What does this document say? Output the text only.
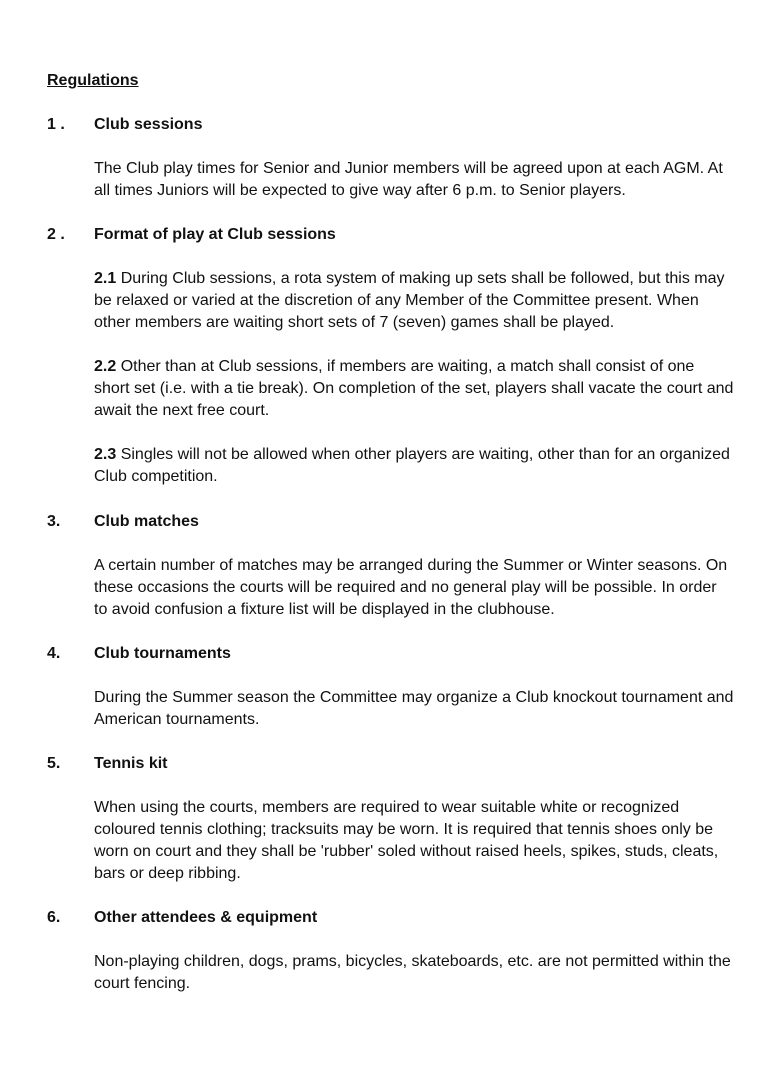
Regulations
1 . Club sessions

The Club play times for Senior and Junior members will be agreed upon at each AGM. At all times Juniors will be expected to give way after 6 p.m. to Senior players.

2 . Format of play at Club sessions

2.1 During Club sessions, a rota system of making up sets shall be followed, but this may be relaxed or varied at the discretion of any Member of the Committee present. When other members are waiting short sets of 7 (seven) games shall be played.

2.2 Other than at Club sessions, if members are waiting, a match shall consist of one short set (i.e. with a tie break). On completion of the set, players shall vacate the court and await the next free court.

2.3 Singles will not be allowed when other players are waiting, other than for an organized Club competition.

3. Club matches

A certain number of matches may be arranged during the Summer or Winter seasons. On these occasions the courts will be required and no general play will be possible. In order to avoid confusion a fixture list will be displayed in the clubhouse.

4. Club tournaments

During the Summer season the Committee may organize a Club knockout tournament and American tournaments.

5. Tennis kit

When using the courts, members are required to wear suitable white or recognized coloured tennis clothing; tracksuits may be worn. It is required that tennis shoes only be worn on court and they shall be 'rubber' soled without raised heels, spikes, studs, cleats, bars or deep ribbing.

6. Other attendees & equipment

Non-playing children, dogs, prams, bicycles, skateboards, etc. are not permitted within the court fencing.
